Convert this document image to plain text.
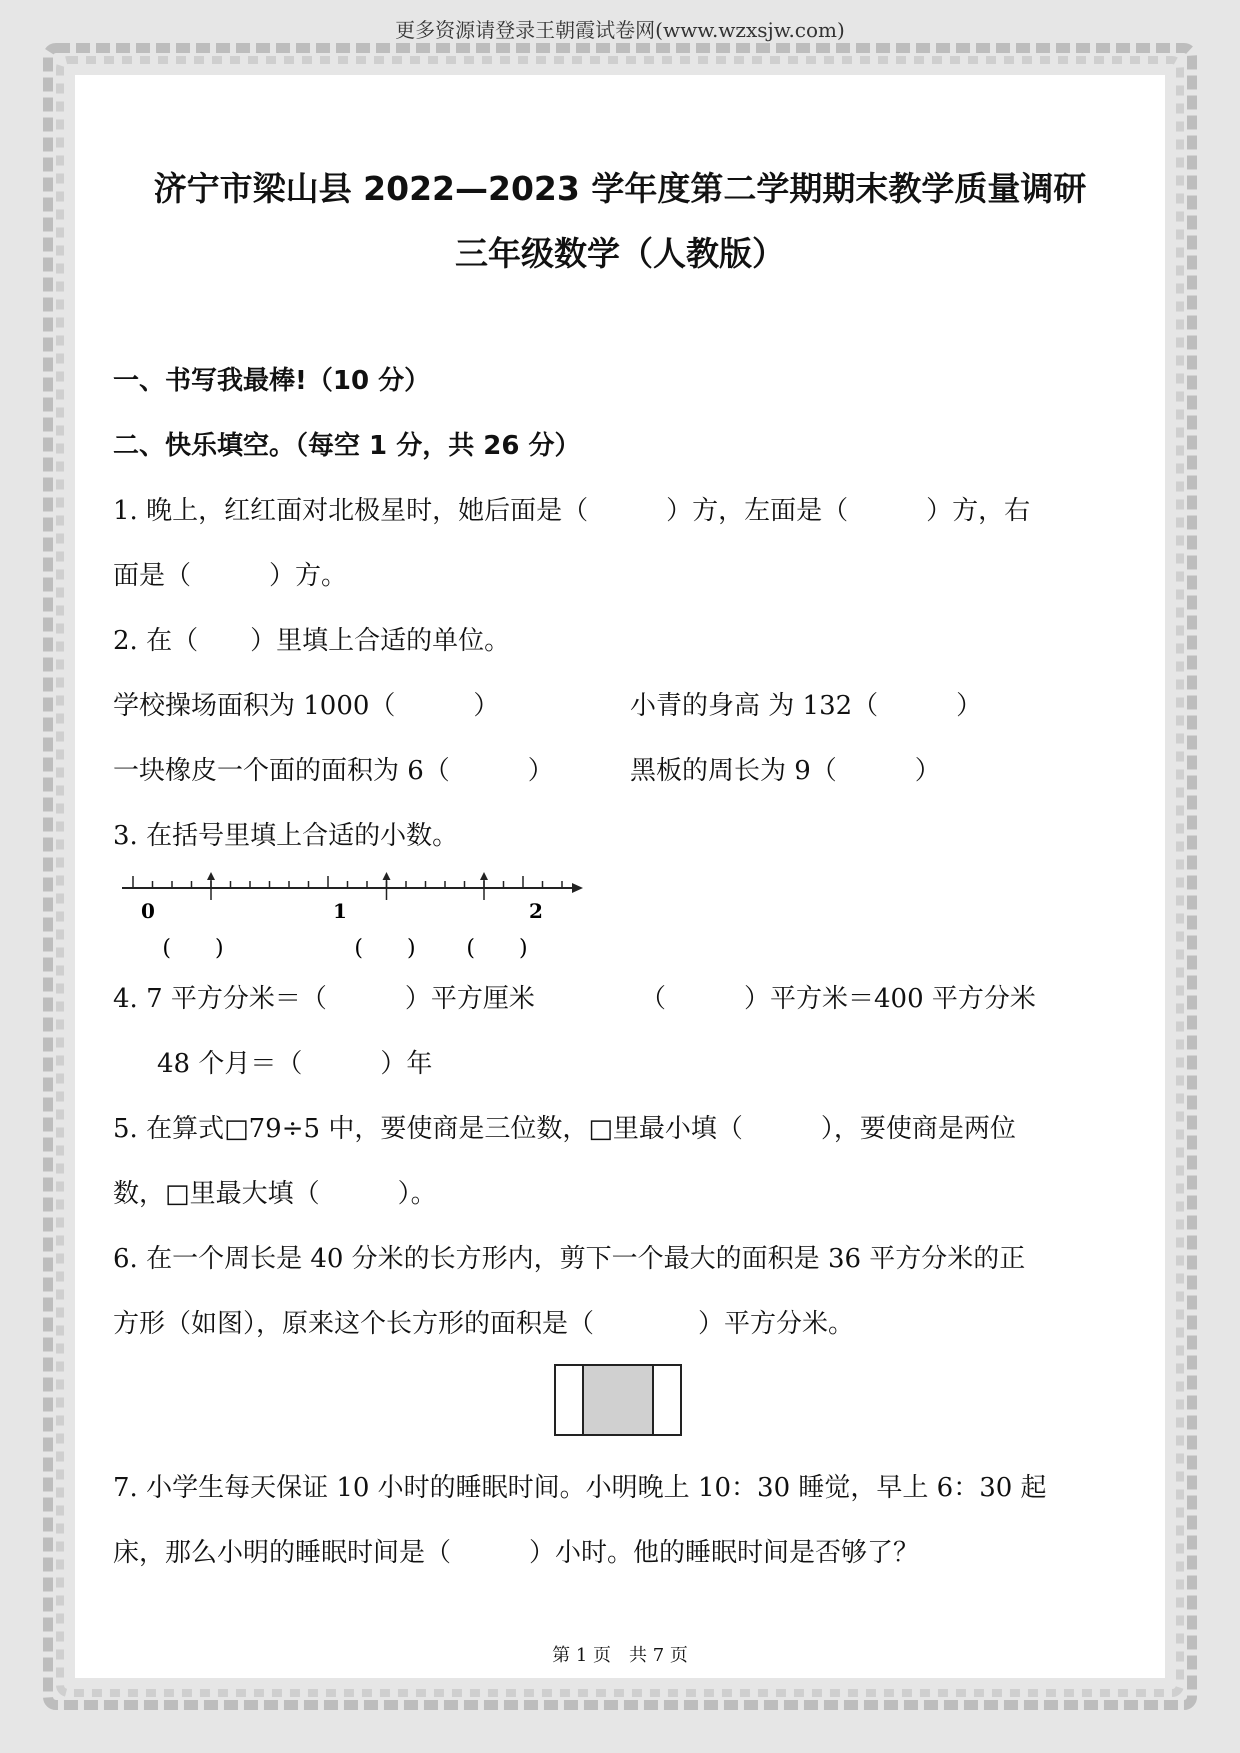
更多资源请登录王朝霞试卷网(www.wzxsjw.com)
济宁市梁山县 2022—2023 学年度第二学期期末教学质量调研
三年级数学（人教版）
一、书写我最棒!（10 分）
二、快乐填空。（每空 1 分，共 26 分）
1. 晚上，红红面对北极星时，她后面是（　　　）方，左面是（　　　）方，右
面是（　　　）方。
2. 在（　　）里填上合适的单位。
学校操场面积为 1000（　　　）	小青的身高 为 132（　　　）
一块橡皮一个面的面积为 6（　　　）	黑板的周长为 9（　　　）
3. 在括号里填上合适的小数。
0	1	2
(　　)	(　　) (　　)
4. 7 平方分米＝（　　　）平方厘米	（　　　）平方米＝400 平方分米
48 个月＝（　　　）年
5. 在算式□79÷5 中，要使商是三位数，□里最小填（　　　），要使商是两位
数，□里最大填（　　　）。
6. 在一个周长是 40 分米的长方形内，剪下一个最大的面积是 36 平方分米的正
方形（如图），原来这个长方形的面积是（　　　　）平方分米。
7. 小学生每天保证 10 小时的睡眠时间。小明晚上 10：30 睡觉，早上 6：30 起
床，那么小明的睡眠时间是（　　　）小时。他的睡眠时间是否够了？
第 1 页　共 7 页
